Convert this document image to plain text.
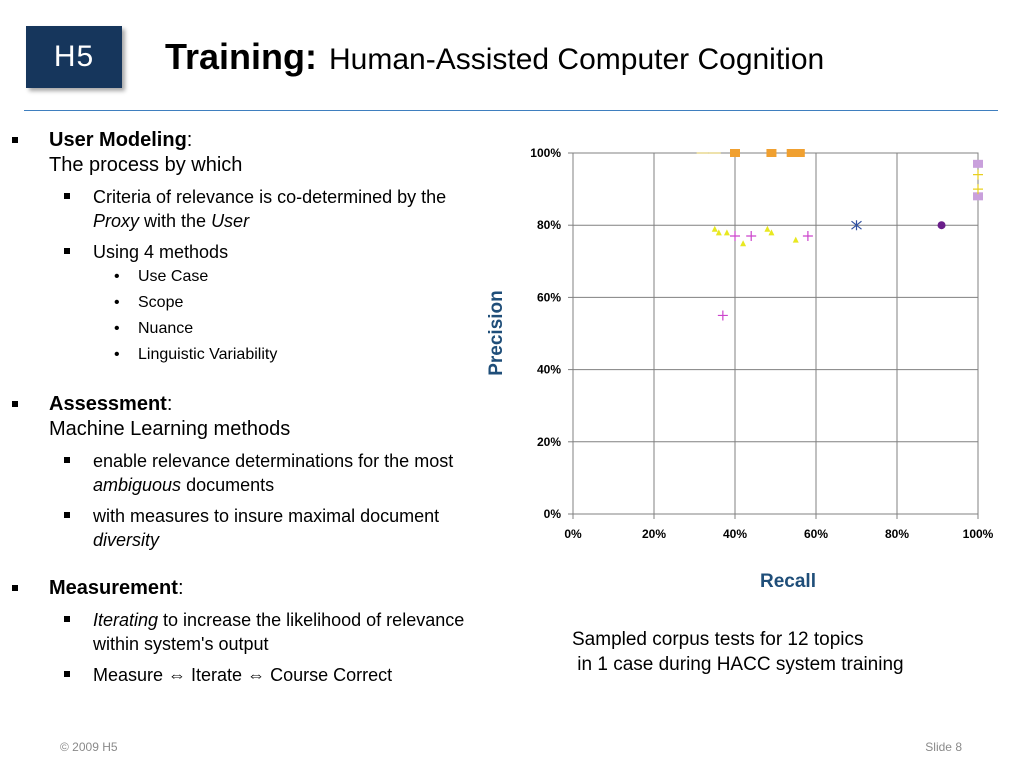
H5 Training: Human-Assisted Computer Cognition
User Modeling:
The process by which
Criteria of relevance is co-determined by the Proxy with the User
Using 4 methods
• Use Case
• Scope
• Nuance
• Linguistic Variability
Assessment:
Machine Learning methods
enable relevance determinations for the most ambiguous documents
with measures to insure maximal document diversity
Measurement:
Iterating to increase the likelihood of relevance within system's output
Measure ⇔ Iterate ⇔ Course Correct
0%	20%	40%	60%	80%	100%
0%
20%
40%
60%
80%
100%
Recall
Precision
Sampled corpus tests for 12 topics
in 1 case during HACC system training
© 2009 H5	Slide 8
